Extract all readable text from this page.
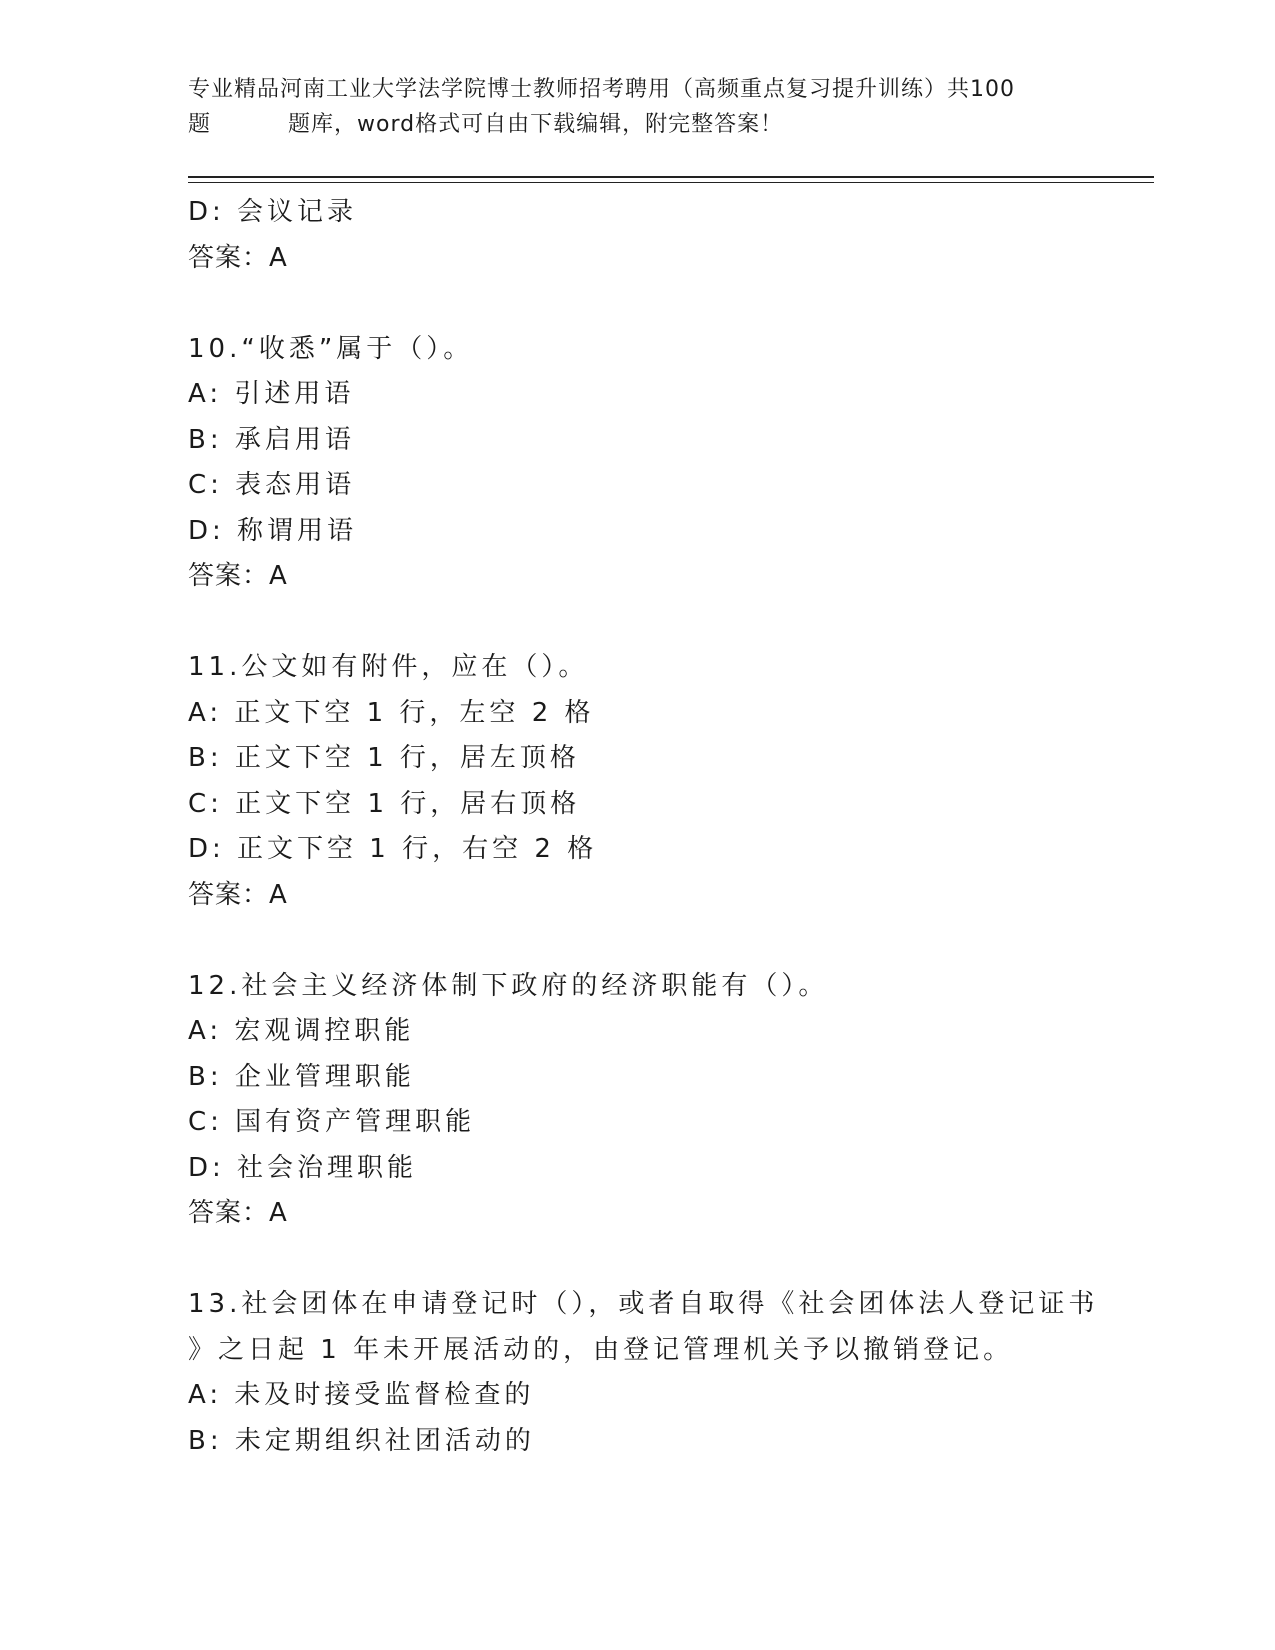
专业精品河南工业大学法学院博士教师招考聘用（高频重点复习提升训练）共100
题	题库，word格式可自由下载编辑，附完整答案！
D: 会议记录
答案：A
10.“收悉”属于（）。
A: 引述用语
B: 承启用语
C: 表态用语
D: 称谓用语
答案：A
11.公文如有附件，应在（）。
A: 正文下空 1 行，左空 2 格
B: 正文下空 1 行，居左顶格
C: 正文下空 1 行，居右顶格
D: 正文下空 1 行，右空 2 格
答案：A
12.社会主义经济体制下政府的经济职能有（）。
A: 宏观调控职能
B: 企业管理职能
C: 国有资产管理职能
D: 社会治理职能
答案：A
13.社会团体在申请登记时（），或者自取得《社会团体法人登记证书
》之日起 1 年未开展活动的，由登记管理机关予以撤销登记。
A: 未及时接受监督检查的
B: 未定期组织社团活动的
